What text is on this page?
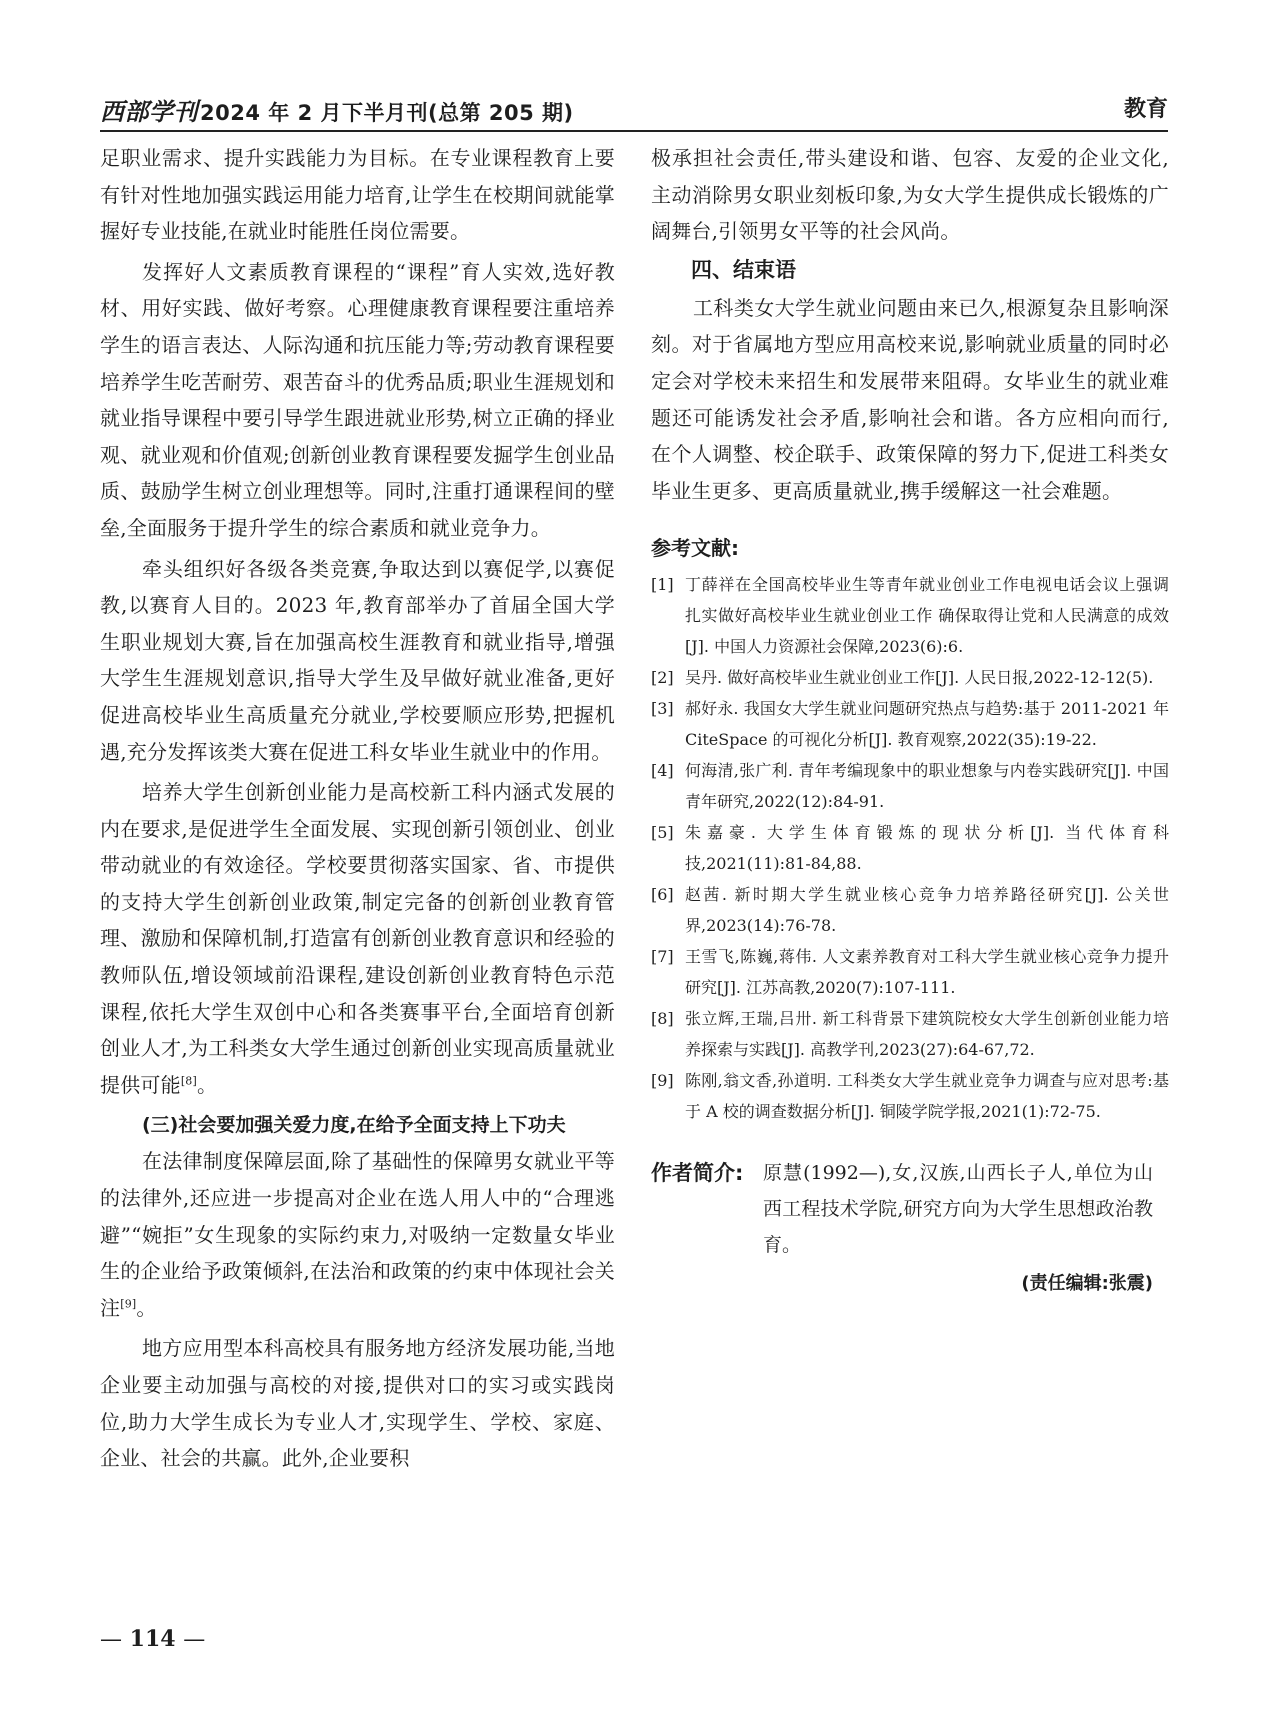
西部学刊2024 年 2 月下半月刊(总第 205 期)	教育

足职业需求、提升实践能力为目标。在专业课程教育上要有针对性地加强实践运用能力培育,让学生在校期间就能掌握好专业技能,在就业时能胜任岗位需要。

发挥好人文素质教育课程的“课程”育人实效,选好教材、用好实践、做好考察。心理健康教育课程要注重培养学生的语言表达、人际沟通和抗压能力等;劳动教育课程要培养学生吃苦耐劳、艰苦奋斗的优秀品质;职业生涯规划和就业指导课程中要引导学生跟进就业形势,树立正确的择业观、就业观和价值观;创新创业教育课程要发掘学生创业品质、鼓励学生树立创业理想等。同时,注重打通课程间的壁垒,全面服务于提升学生的综合素质和就业竞争力。

牵头组织好各级各类竞赛,争取达到以赛促学,以赛促教,以赛育人目的。2023 年,教育部举办了首届全国大学生职业规划大赛,旨在加强高校生涯教育和就业指导,增强大学生生涯规划意识,指导大学生及早做好就业准备,更好促进高校毕业生高质量充分就业,学校要顺应形势,把握机遇,充分发挥该类大赛在促进工科女毕业生就业中的作用。

培养大学生创新创业能力是高校新工科内涵式发展的内在要求,是促进学生全面发展、实现创新引领创业、创业带动就业的有效途径。学校要贯彻落实国家、省、市提供的支持大学生创新创业政策,制定完备的创新创业教育管理、激励和保障机制,打造富有创新创业教育意识和经验的教师队伍,增设领域前沿课程,建设创新创业教育特色示范课程,依托大学生双创中心和各类赛事平台,全面培育创新创业人才,为工科类女大学生通过创新创业实现高质量就业提供可能[8]。

(三)社会要加强关爱力度,在给予全面支持上下功夫

在法律制度保障层面,除了基础性的保障男女就业平等的法律外,还应进一步提高对企业在选人用人中的“合理逃避”“婉拒”女生现象的实际约束力,对吸纳一定数量女毕业生的企业给予政策倾斜,在法治和政策的约束中体现社会关注[9]。

地方应用型本科高校具有服务地方经济发展功能,当地企业要主动加强与高校的对接,提供对口的实习或实践岗位,助力大学生成长为专业人才,实现学生、学校、家庭、企业、社会的共赢。此外,企业要积

极承担社会责任,带头建设和谐、包容、友爱的企业文化,主动消除男女职业刻板印象,为女大学生提供成长锻炼的广阔舞台,引领男女平等的社会风尚。

四、结束语

工科类女大学生就业问题由来已久,根源复杂且影响深刻。对于省属地方型应用高校来说,影响就业质量的同时必定会对学校未来招生和发展带来阻碍。女毕业生的就业难题还可能诱发社会矛盾,影响社会和谐。各方应相向而行,在个人调整、校企联手、政策保障的努力下,促进工科类女毕业生更多、更高质量就业,携手缓解这一社会难题。

参考文献:
[1] 丁薛祥在全国高校毕业生等青年就业创业工作电视电话会议上强调 扎实做好高校毕业生就业创业工作 确保取得让党和人民满意的成效[J]. 中国人力资源社会保障,2023(6):6.
[2] 吴丹. 做好高校毕业生就业创业工作[J]. 人民日报,2022-12-12(5).
[3] 郝好永. 我国女大学生就业问题研究热点与趋势:基于 2011-2021 年 CiteSpace 的可视化分析[J]. 教育观察,2022(35):19-22.
[4] 何海清,张广利. 青年考编现象中的职业想象与内卷实践研究[J]. 中国青年研究,2022(12):84-91.
[5] 朱嘉豪. 大学生体育锻炼的现状分析[J]. 当代体育科技,2021(11):81-84,88.
[6] 赵茜. 新时期大学生就业核心竞争力培养路径研究[J]. 公关世界,2023(14):76-78.
[7] 王雪飞,陈巍,蒋伟. 人文素养教育对工科大学生就业核心竞争力提升研究[J]. 江苏高教,2020(7):107-111.
[8] 张立辉,王瑞,吕卅. 新工科背景下建筑院校女大学生创新创业能力培养探索与实践[J]. 高教学刊,2023(27):64-67,72.
[9] 陈刚,翁文香,孙道明. 工科类女大学生就业竞争力调查与应对思考:基于 A 校的调查数据分析[J]. 铜陵学院学报,2021(1):72-75.
作者简介:	原慧(1992—),女,汉族,山西长子人,单位为山西工程技术学院,研究方向为大学生思想政治教育。
(责任编辑:张震)
— 114 —
